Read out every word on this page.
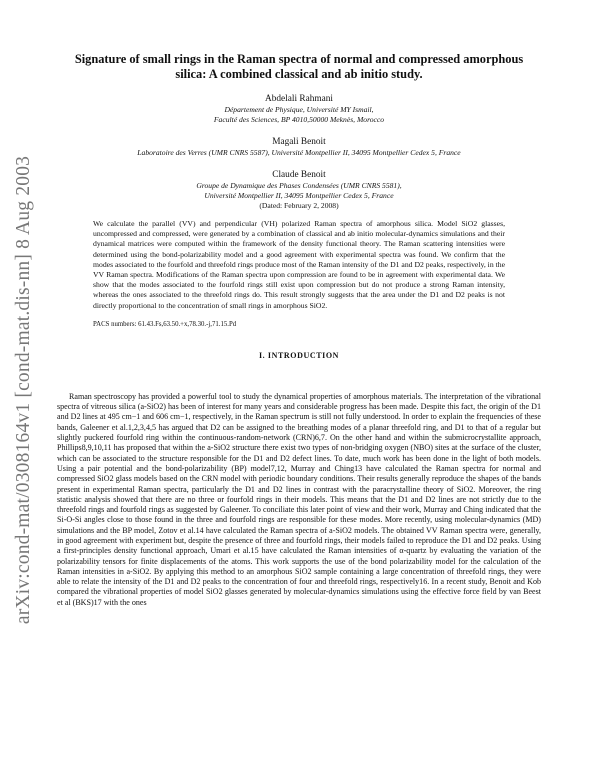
arXiv:cond-mat/0308164v1 [cond-mat.dis-nn] 8 Aug 2003
Signature of small rings in the Raman spectra of normal and compressed amorphous
silica: A combined classical and ab initio study.
Abdelali Rahmani
Département de Physique, Université MY Ismail,
Faculté des Sciences, BP 4010,50000 Meknès, Morocco
Magali Benoit
Laboratoire des Verres (UMR CNRS 5587), Université Montpellier II, 34095 Montpellier Cedex 5, France
Claude Benoit
Groupe de Dynamique des Phases Condensées (UMR CNRS 5581),
Université Montpellier II, 34095 Montpellier Cedex 5, France
(Dated: February 2, 2008)
We calculate the parallel (VV) and perpendicular (VH) polarized Raman spectra of amorphous silica. Model SiO2 glasses, uncompressed and compressed, were generated by a combination of classical and ab initio molecular-dynamics simulations and their dynamical matrices were computed within the framework of the density functional theory. The Raman scattering intensities were determined using the bond-polarizability model and a good agreement with experimental spectra was found. We confirm that the modes associated to the fourfold and threefold rings produce most of the Raman intensity of the D1 and D2 peaks, respectively, in the VV Raman spectra. Modifications of the Raman spectra upon compression are found to be in agreement with experimental data. We show that the modes associated to the fourfold rings still exist upon compression but do not produce a strong Raman intensity, whereas the ones associated to the threefold rings do. This result strongly suggests that the area under the D1 and D2 peaks is not directly proportional to the concentration of small rings in amorphous SiO2.
PACS numbers: 61.43.Fs,63.50.+x,78.30.-j,71.15.Pd
I. INTRODUCTION
Raman spectroscopy has provided a powerful tool to study the dynamical properties of amorphous materials. The interpretation of the vibrational spectra of vitreous silica (a-SiO2) has been of interest for many years and considerable progress has been made. Despite this fact, the origin of the D1 and D2 lines at 495 cm−1 and 606 cm−1, respectively, in the Raman spectrum is still not fully understood. In order to explain the frequencies of these bands, Galeener et al.1,2,3,4,5 has argued that D2 can be assigned to the breathing modes of a planar threefold ring, and D1 to that of a regular but slightly puckered fourfold ring within the continuous-random-network (CRN)6,7. On the other hand and within the submicrocrystallite approach, Phillips8,9,10,11 has proposed that within the a-SiO2 structure there exist two types of non-bridging oxygen (NBO) sites at the surface of the cluster, which can be associated to the structure responsible for the D1 and D2 defect lines. To date, much work has been done in the light of both models. Using a pair potential and the bond-polarizability (BP) model7,12, Murray and Ching13 have calculated the Raman spectra for normal and compressed SiO2 glass models based on the CRN model with periodic boundary conditions. Their results generally reproduce the shapes of the bands present in experimental Raman spectra, particularly the D1 and D2 lines in contrast with the paracrystalline theory of SiO2. Moreover, the ring statistic analysis showed that there are no three or fourfold rings in their models. This means that the D1 and D2 lines are not strictly due to the threefold rings and fourfold rings as suggested by Galeener. To conciliate this later point of view and their work, Murray and Ching indicated that the Si-O-Si angles close to those found in the three and fourfold rings are responsible for these modes. More recently, using molecular-dynamics (MD) simulations and the BP model, Zotov et al.14 have calculated the Raman spectra of a-SiO2 models. The obtained VV Raman spectra were, generally, in good agreement with experiment but, despite the presence of three and fourfold rings, their models failed to reproduce the D1 and D2 peaks. Using a first-principles density functional approach, Umari et al.15 have calculated the Raman intensities of α-quartz by evaluating the variation of the polarizability tensors for finite displacements of the atoms. This work supports the use of the bond polarizability model for the calculation of the Raman intensities in a-SiO2. By applying this method to an amorphous SiO2 sample containing a large concentration of threefold rings, they were able to relate the intensity of the D1 and D2 peaks to the concentration of four and threefold rings, respectively16. In a recent study, Benoit and Kob compared the vibrational properties of model SiO2 glasses generated by molecular-dynamics simulations using the effective force field by van Beest et al (BKS)17 with the ones
